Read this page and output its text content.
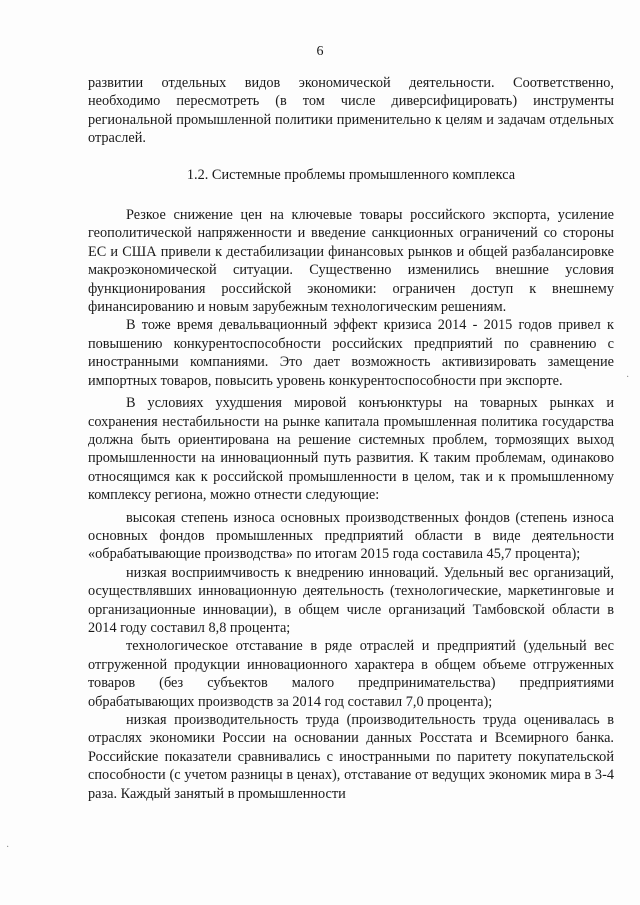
6

развитии отдельных видов экономической деятельности. Соответственно, необходимо пересмотреть (в том числе диверсифицировать) инструменты региональной промышленной политики применительно к целям и задачам отдельных отраслей.

1.2. Системные проблемы промышленного комплекса

Резкое снижение цен на ключевые товары российского экспорта, усиление геополитической напряженности и введение санкционных ограничений со стороны ЕС и США привели к дестабилизации финансовых рынков и общей разбалансировке макроэкономической ситуации. Существенно изменились внешние условия функционирования российской экономики: ограничен доступ к внешнему финансированию и новым зарубежным технологическим решениям.

В тоже время девальвационный эффект кризиса 2014 - 2015 годов привел к повышению конкурентоспособности российских предприятий по сравнению с иностранными компаниями. Это дает возможность активизировать замещение импортных товаров, повысить уровень конкурентоспособности при экспорте.

В условиях ухудшения мировой конъюнктуры на товарных рынках и сохранения нестабильности на рынке капитала промышленная политика государства должна быть ориентирована на решение системных проблем, тормозящих выход промышленности на инновационный путь развития. К таким проблемам, одинаково относящимся как к российской промышленности в целом, так и к промышленному комплексу региона, можно отнести следующие:

высокая степень износа основных производственных фондов (степень износа основных фондов промышленных предприятий области в виде деятельности «обрабатывающие производства» по итогам 2015 года составила 45,7 процента);

низкая восприимчивость к внедрению инноваций. Удельный вес организаций, осуществлявших инновационную деятельность (технологические, маркетинговые и организационные инновации), в общем числе организаций Тамбовской области в 2014 году составил 8,8 процента;

технологическое отставание в ряде отраслей и предприятий (удельный вес отгруженной продукции инновационного характера в общем объеме отгруженных товаров (без субъектов малого предпринимательства) предприятиями обрабатывающих производств за 2014 год составил 7,0 процента);

низкая производительность труда (производительность труда оценивалась в отраслях экономики России на основании данных Росстата и Всемирного банка. Российские показатели сравнивались с иностранными по паритету покупательской способности (с учетом разницы в ценах), отставание от ведущих экономик мира в 3-4 раза. Каждый занятый в промышленности

·
·
